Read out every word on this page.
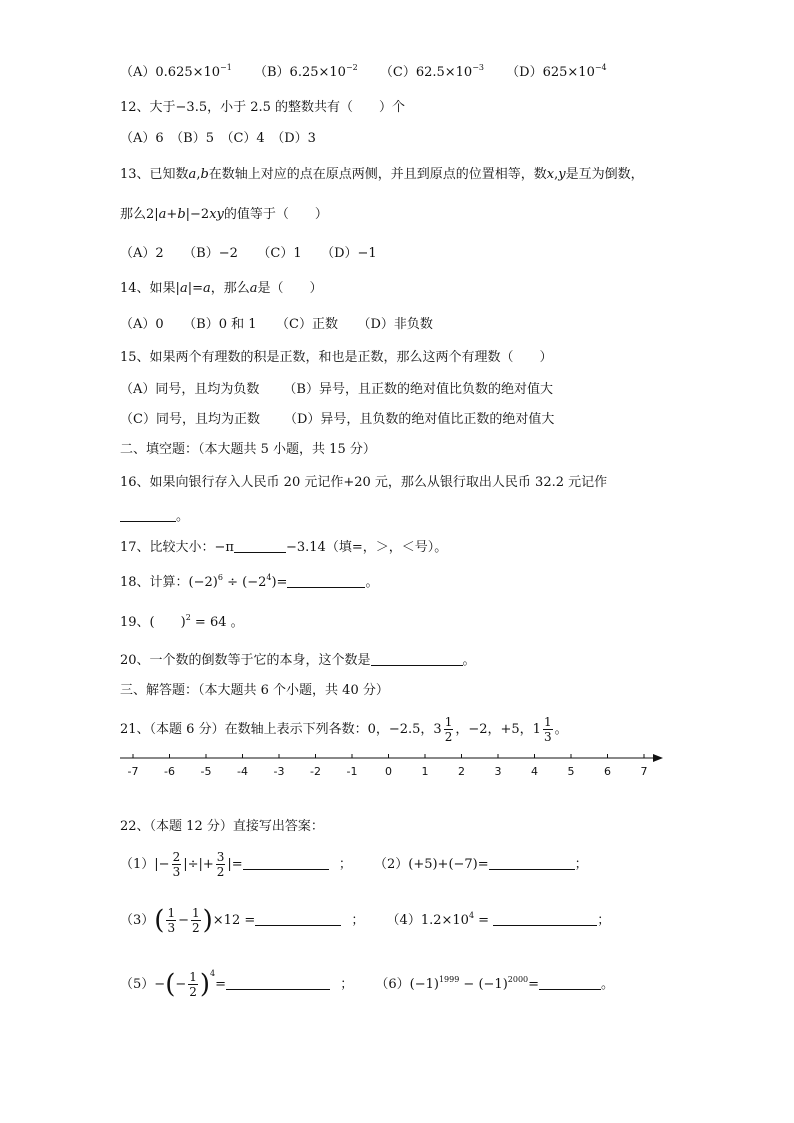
$(A)0.625\times 10^{-1}$ $(B)6.25\times 10^{-2}$ $(C)62.5\times 10^{-3}$ $(D)625\times 10^{-4}$
12、大于−3.5，小于 2.5 的整数共有（　　）个
（A）6　（B）5　（C）4　（D）3
13、已知数a,b在数轴上对应的点在原点两侧，并且到原点的位置相等，数x,y是互为倒数，
那么2|a+b|−2xy的值等于（　　）
（A）2　　（B）−2　　（C）1　　（D）−1
14、如果|a|=a，那么a是（　　）
（A）0　　（B）0 和 1　　（C）正数　　（D）非负数
15、如果两个有理数的积是正数，和也是正数，那么这两个有理数（　　）
（A）同号，且均为负数 （B）异号，且正数的绝对值比负数的绝对值大
（C）同号，且均为正数 （D）异号，且负数的绝对值比正数的绝对值大
二、填空题：（本大题共 5 小题，共 15 分）
16、如果向银行存入人民币 20 元记作+20 元，那么从银行取出人民币 32.2 元记作
。
17、比较大小：−π	−3.14（填=，＞，＜号）。
18、计算：$(-2)^6 \div (-2^4)=$	。
19、(　　)$^2$ = 64 。
20、一个数的倒数等于它的本身，这个数是	。
三、解答题：（本大题共 6 个小题，共 40 分）
21、（本题 6 分）在数轴上表示下列各数：0，−2.5，$3 \frac{1}{2}$ ，−2，+5，$1 \frac{1}{3}$ 。
-7 -6 -5 -4 -3 -2 -1	0	1	2	3	4	5	6	7
22、（本题 12 分）直接写出答案：
$(1)|- \frac{2}{3}$ |÷|+ $\frac{3}{2}$ |=	； （2）(+5)+(−7)=	；
$(3)( \frac{1}{3} - \frac{1}{2} )\times 12$ =	； $(4)1.2\times 10^4$ =	；
$(5)-(- \frac{1}{2} )^4=$	； $(6)(-1)^{1999} - (-1)^{2000}=$	。
